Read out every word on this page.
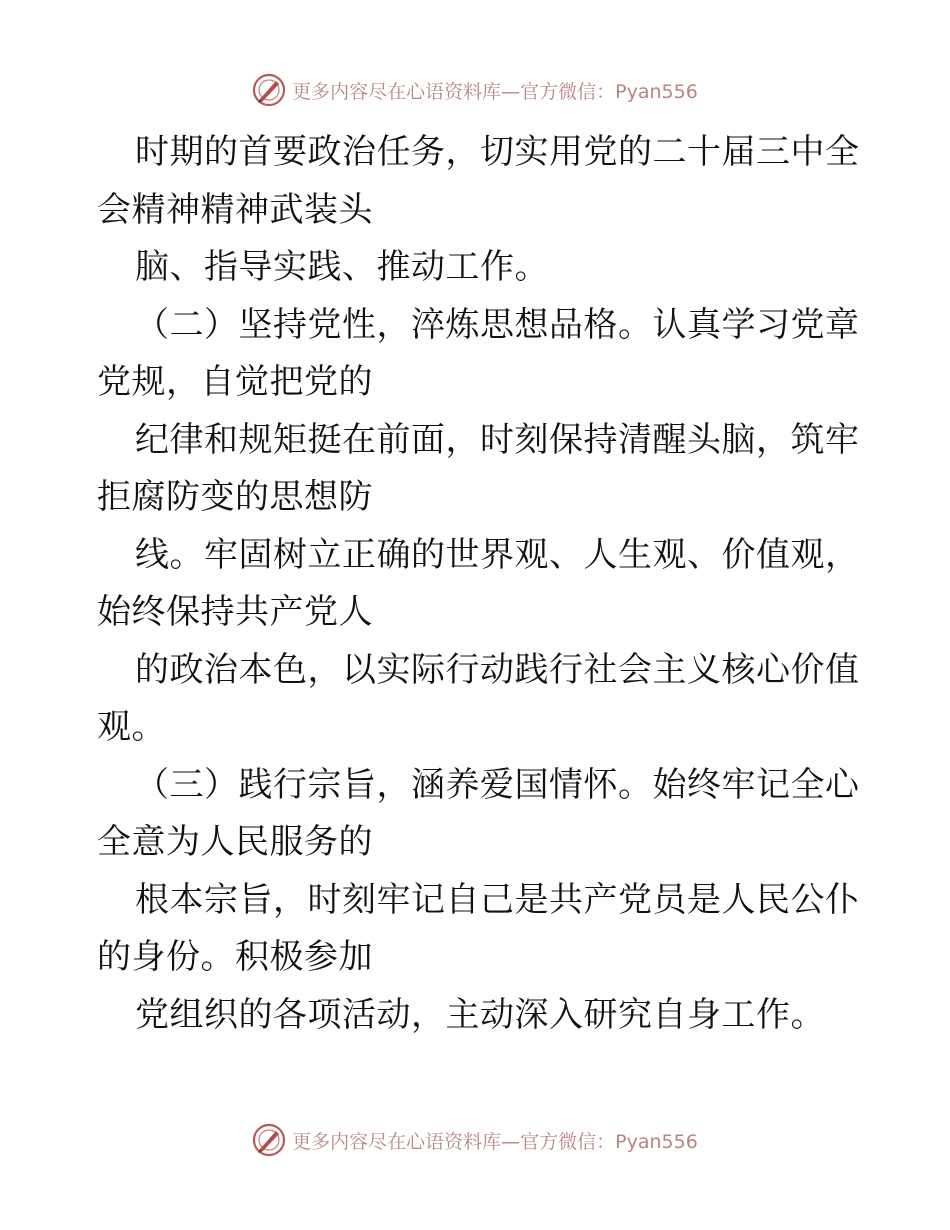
更多内容尽在心语资料库—官方微信：Pyan556
时期的首要政治任务，切实用党的二十届三中全
会精神精神武装头
脑、指导实践、推动工作。
（二）坚持党性，淬炼思想品格。认真学习党章
党规，自觉把党的
纪律和规矩挺在前面，时刻保持清醒头脑，筑牢
拒腐防变的思想防
线。牢固树立正确的世界观、人生观、价值观，
始终保持共产党人
的政治本色，以实际行动践行社会主义核心价值
观。
（三）践行宗旨，涵养爱国情怀。始终牢记全心
全意为人民服务的
根本宗旨，时刻牢记自己是共产党员是人民公仆
的身份。积极参加
党组织的各项活动，主动深入研究自身工作。
更多内容尽在心语资料库—官方微信：Pyan556
